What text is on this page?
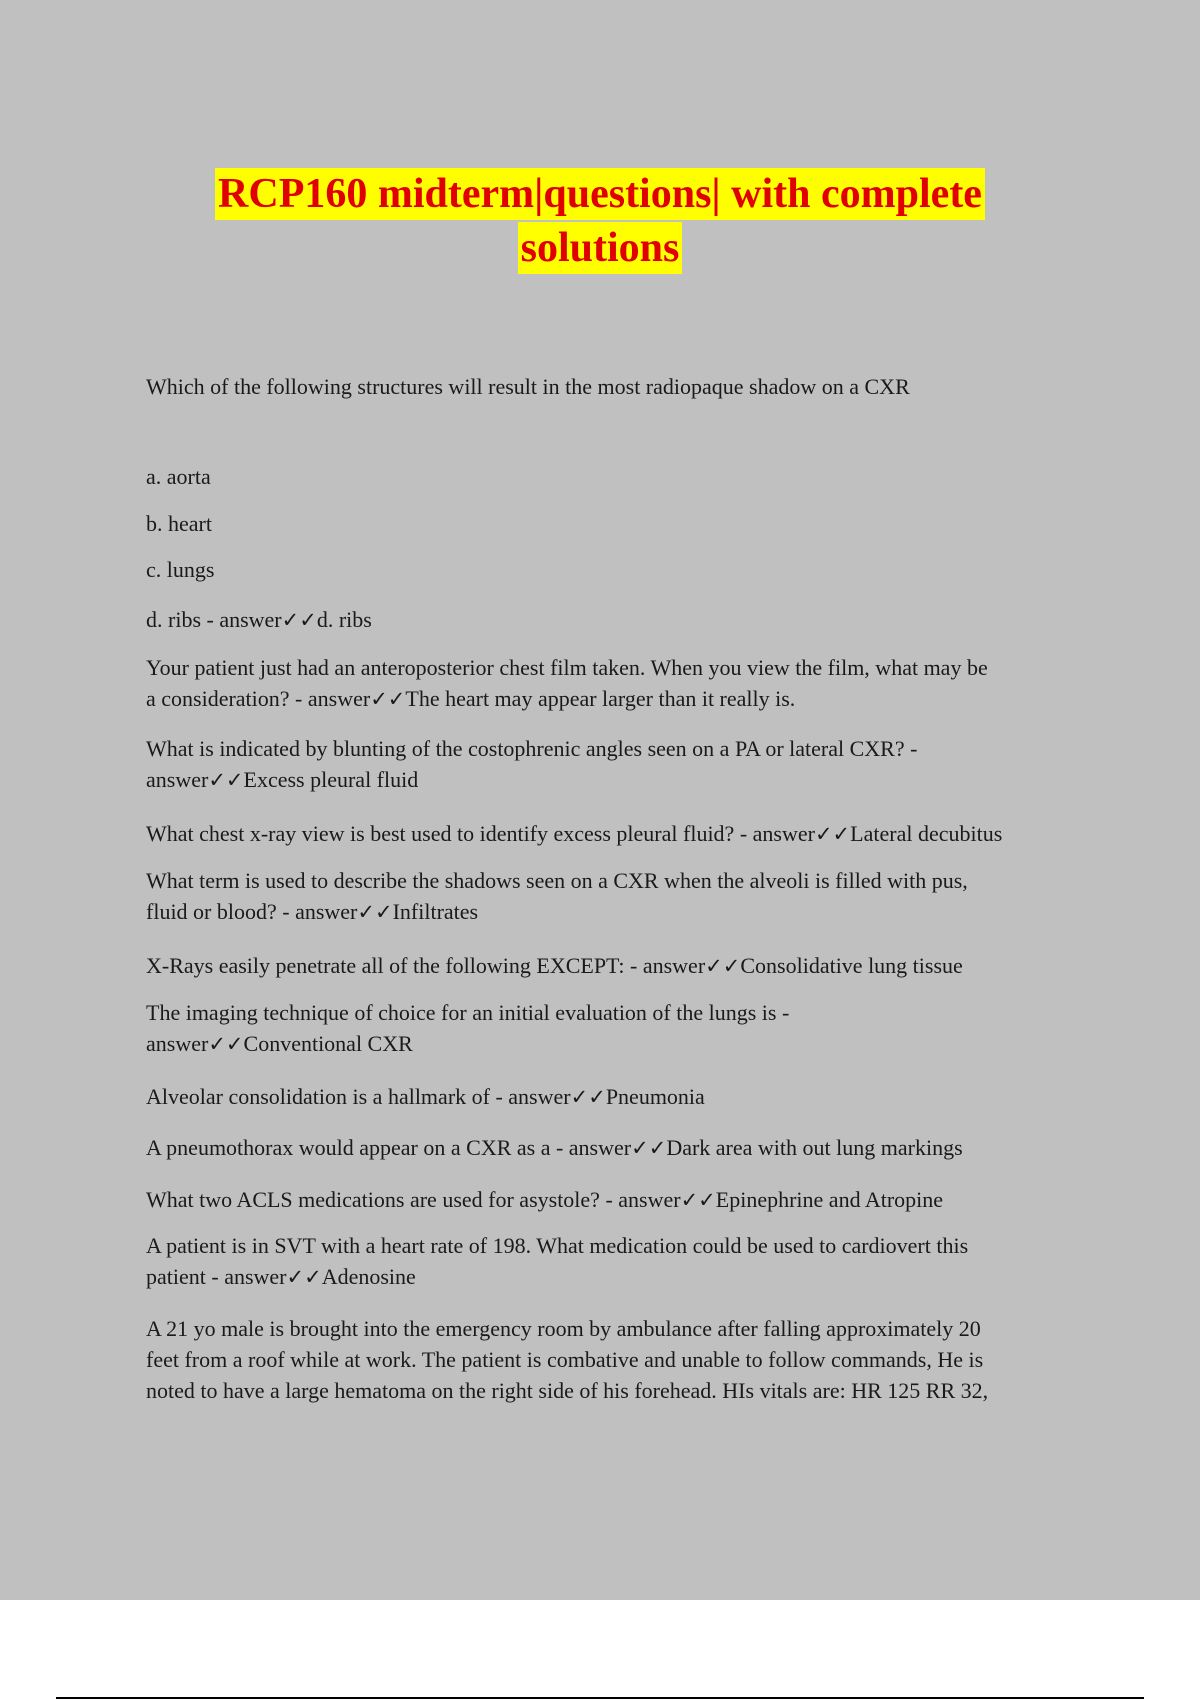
RCP160 midterm|questions| with complete
solutions

Which of the following structures will result in the most radiopaque shadow on a CXR

a. aorta

b. heart

c. lungs

d. ribs - answer✓✓d. ribs

Your patient just had an anteroposterior chest film taken. When you view the film, what may be
a consideration? - answer✓✓The heart may appear larger than it really is.

What is indicated by blunting of the costophrenic angles seen on a PA or lateral CXR? -
answer✓✓Excess pleural fluid

What chest x-ray view is best used to identify excess pleural fluid? - answer✓✓Lateral decubitus

What term is used to describe the shadows seen on a CXR when the alveoli is filled with pus,
fluid or blood? - answer✓✓Infiltrates

X-Rays easily penetrate all of the following EXCEPT: - answer✓✓Consolidative lung tissue

The imaging technique of choice for an initial evaluation of the lungs is -
answer✓✓Conventional CXR

Alveolar consolidation is a hallmark of - answer✓✓Pneumonia

A pneumothorax would appear on a CXR as a - answer✓✓Dark area with out lung markings

What two ACLS medications are used for asystole? - answer✓✓Epinephrine and Atropine

A patient is in SVT with a heart rate of 198. What medication could be used to cardiovert this
patient - answer✓✓Adenosine

A 21 yo male is brought into the emergency room by ambulance after falling approximately 20
feet from a roof while at work. The patient is combative and unable to follow commands, He is
noted to have a large hematoma on the right side of his forehead. HIs vitals are: HR 125 RR 32,
